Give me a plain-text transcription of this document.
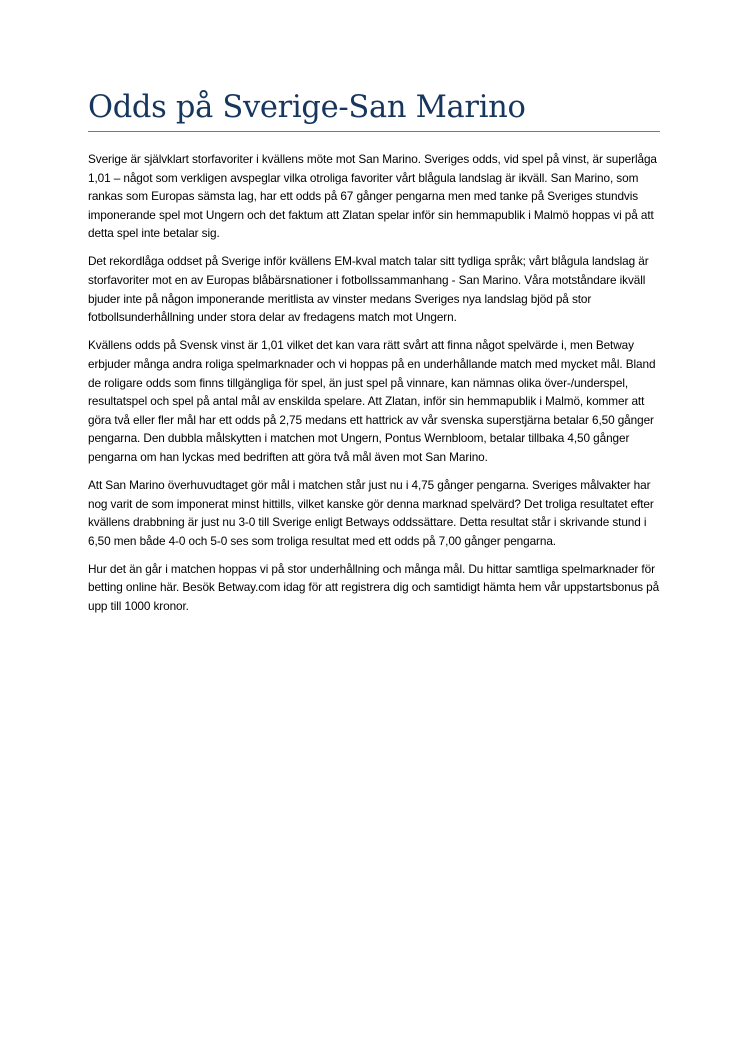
Odds på Sverige-San Marino

Sverige är självklart storfavoriter i kvällens möte mot San Marino. Sveriges odds, vid spel på vinst, är superlåga 1,01 – något som verkligen avspeglar vilka otroliga favoriter vårt blågula landslag är ikväll. San Marino, som rankas som Europas sämsta lag, har ett odds på 67 gånger pengarna men med tanke på Sveriges stundvis imponerande spel mot Ungern och det faktum att Zlatan spelar inför sin hemmapublik i Malmö hoppas vi på att detta spel inte betalar sig.

Det rekordlåga oddset på Sverige inför kvällens EM-kval match talar sitt tydliga språk; vårt blågula landslag är storfavoriter mot en av Europas blåbärsnationer i fotbollssammanhang - San Marino. Våra motståndare ikväll bjuder inte på någon imponerande meritlista av vinster medans Sveriges nya landslag bjöd på stor fotbollsunderhållning under stora delar av fredagens match mot Ungern.

Kvällens odds på Svensk vinst är 1,01 vilket det kan vara rätt svårt att finna något spelvärde i, men Betway erbjuder många andra roliga spelmarknader och vi hoppas på en underhållande match med mycket mål. Bland de roligare odds som finns tillgängliga för spel, än just spel på vinnare, kan nämnas olika över-/underspel, resultatspel och spel på antal mål av enskilda spelare. Att Zlatan, inför sin hemmapublik i Malmö, kommer att göra två eller fler mål har ett odds på 2,75 medans ett hattrick av vår svenska superstjärna betalar 6,50 gånger pengarna. Den dubbla målskytten i matchen mot Ungern, Pontus Wernbloom, betalar tillbaka 4,50 gånger pengarna om han lyckas med bedriften att göra två mål även mot San Marino.

Att San Marino överhuvudtaget gör mål i matchen står just nu i 4,75 gånger pengarna. Sveriges målvakter har nog varit de som imponerat minst hittills, vilket kanske gör denna marknad spelvärd? Det troliga resultatet efter kvällens drabbning är just nu 3-0 till Sverige enligt Betways oddssättare. Detta resultat står i skrivande stund i 6,50 men både 4-0 och 5-0 ses som troliga resultat med ett odds på 7,00 gånger pengarna.

Hur det än går i matchen hoppas vi på stor underhållning och många mål. Du hittar samtliga spelmarknader för betting online här. Besök Betway.com idag för att registrera dig och samtidigt hämta hem vår uppstartsbonus på upp till 1000 kronor.
